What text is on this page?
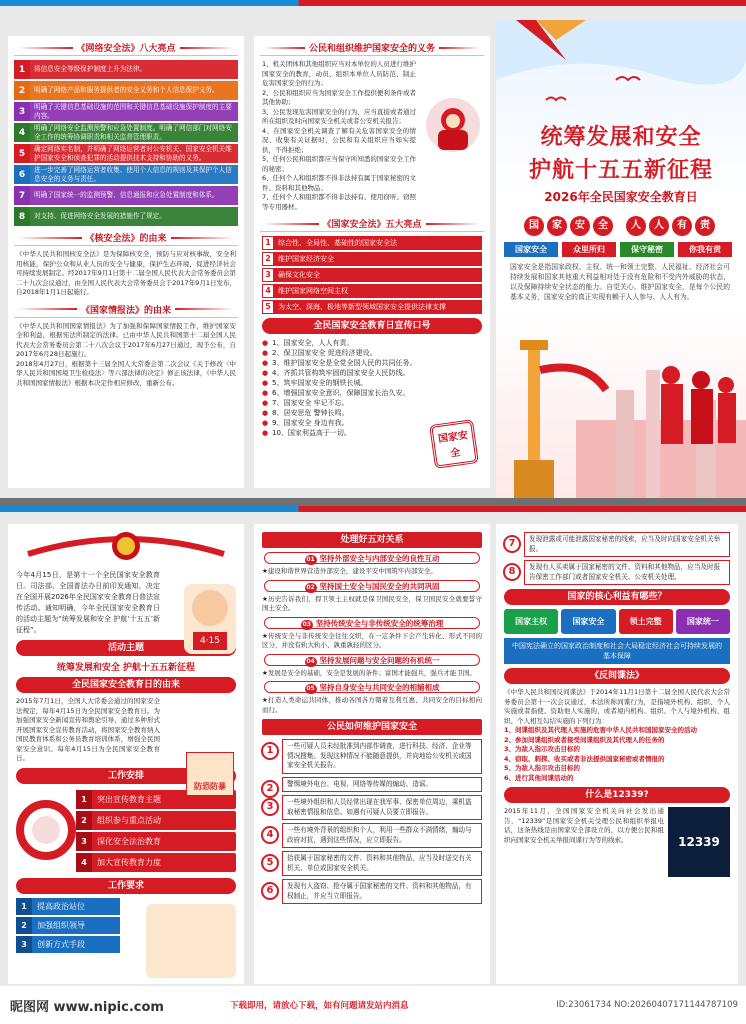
《网络安全法》八大亮点
1	将信息安全等级保护制度上升为法律。
2	明确了网络产品和服务提供者的安全义务和个人信息保护义务。
3	明确了关键信息基础设施的范围和关键信息基础设施保护制度的主要内容。
4	明确了网络安全监测预警和应急处置制度。明确了网信部门对网络安全工作的统筹协调职责和相关监督管理职责。
5	确定网络实名制，并明确了网络运营者对公安机关、国家安全机关维护国家安全和侦查犯罪的活动提供技术支持和协助的义务。
6	进一步完善了网络运营者收集、使用个人信息的规则及其保护个人信息安全的义务与责任。
7	明确了国家统一的监测预警、信息通报和应急处置制度和体系。
8	对支持、促进网络安全发展的措施作了规定。
《核安全法》的由来
《中华人民共和国核安全法》是为保障核安全，预防与应对核事故，安全利用核能，保护公众和从业人员的安全与健康，保护生态环境，促进经济社会可持续发展制定。经2017年9月1日第十二届全国人民代表大会常务委员会第二十九次会议通过，由全国人民代表大会常务委员会于2017年9月1日发布，自2018年1月1日起施行。
《国家情报法》的由来
《中华人民共和国国家情报法》为了加强和保障国家情报工作，维护国家安全和利益，根据宪法所制定的法律。已由中华人民共和国第十二届全国人民代表大会常务委员会第二十八次会议于2017年6月27日通过，现予公布，自2017年6月28日起施行。
2018年4月27日，根据第十三届全国人大常委会第二次会议《关于修改〈中华人民共和国国境卫生检疫法〉等六部法律的决定》修正该法律，《中华人民共和国国家情报法》根据本决定作相应修改，重新公布。
公民和组织维护国家安全的义务
1、机关团体和其他组织应当对本单位的人员进行维护国家安全的教育，动员、组织本单位人员防范、制止危害国家安全的行为；
2、公民和组织应当为国家安全工作提供便利条件或者其他协助；
3、公民发现危害国家安全的行为，应当直接或者通过所在组织及时向国家安全机关或者公安机关报告；
4、在国家安全机关调查了解有关危害国家安全的情况、收集有关证据时，公民和有关组织应当如实提供，不得拒绝；
5、任何公民和组织都应当保守所知悉的国家安全工作的秘密；
6、任何个人和组织都不得非法持有属于国家秘密的文件、资料和其他物品；
7、任何个人和组织都不得非法持有、使用窃听、窃照等专用器材。
《国家安全法》五大亮点
1	综合性、全局性、基础性的国家安全法
2	维护国家经济安全
3	确保文化安全
4	维护国家网络空间主权
5	为太空、深海、极地等新型领域国家安全提供法律支撑
全民国家安全教育日宣传口号
● 1、国家安全，人人有责。
● 2、保卫国家安全 促进经济建设。
● 3、维护国家安全是全党全国人民的共同任务。
● 4、齐抓共管构筑牢固的国家安全人民防线。
● 5、筑牢国家安全的钢铁长城。
● 6、增强国家安全意识，保障国家长治久安。
● 7、国家安全 牢记不忘。
● 8、居安思危 警钟长鸣。
● 9、国家安全 身边有我。
● 10、国家利益高于一切。	国家安全
统筹发展和安全
护航十五五新征程
2026年全民国家安全教育日
国	家	安	全	人	人	有	责
国家安全	众里所归	保守秘密	你我有责
国家安全是指国家政权、主权、统一和领土完整、人民福祉、经济社会可持续发展和国家其他重大利益相对处于没有危险和不受内外威胁的状态，以及保障持续安全状态的能力。自觉关心、维护国家安全，是每个公民的基本义务，国家安全的真正实现有赖于人人参与、人人有为。
今年4月15日，是第十一个全民国家安全教育日。司法部、全国普法办日前印发通知，决定在全国开展2026年全民国家安全教育日普法宣传活动。通知明确，今年全民国家安全教育日的活动主题为“统筹发展和安全 护航‘十五五’新征程”。
4·15
活动主题
统筹发展和安全 护航十五五新征程
全民国家安全教育日的由来
2015年7月1日，全国人大常委会通过的国家安全法规定，每年4月15日为全民国家安全教育日。为加强国家安全新闻宣传和舆论引导，通过多种形式开展国家安全宣传教育活动，将国家安全教育纳入国民教育体系和公务员教育培训体系，增强全民国家安全意识。每年4月15日为全民国家安全教育日。
防恐防暴
工作安排
1	突出宣传教育主题
2	组织参与重点活动
3	深化安全法治教育
4	加大宣传教育力度
工作要求
1	提高政治站位
2	加强组织领导
3	创新方式手段
处理好五对关系
01 坚持外部安全与内部安全的良性互动
★建设和谐世界营造外部安全，建设平安中国筑牢内部安全。
02 坚持国土安全与国民安全的共同巩固
★历史告诉我们，捍卫领土主权就是保卫国民安全，保卫国民安全就要誓守国土安全。
03 坚持传统安全与非传统安全的统筹治理
★传统安全与非传统安全往往交织，在一定条件下会产生转化、形式不同的区分，并没有轨大轨小、孰重孰轻的区分。
04 坚持发展问题与安全问题的有机统一
★发展是安全的基础，安全是发展的条件；富国才能强兵，强兵才能卫国。
05 坚持自身安全与共同安全的相辅相成
★打造人类命运共同体，推动各国各方朝着互利互惠、共同安全的目标相向而行。
公民如何维护国家安全
1	一些可疑人员未经批准到内部作调查，进行科技、经济、企业等情况搜集。发现这种情况不能随意提供，并向地给公安机关或国家安全机关报告。
2	警惕境外电台、电视、网络等传媒的煽动、造谣。
3	一些境外组织和人员经常出现在我军事、保密单位周边，乘机盗取秘密情报和信息。如遇有可疑人员要立即报告。
4	一些有境外背景的组织和个人，利用一些群众不满情绪，煽动与政府对抗，遇到这些情况，应立即报告。
5	拾获属于国家秘密的文件、资料和其他物品，应当及时送交有关机关、单位或国家安全机关。
6	发现有人盗窃、抢夺属于国家秘密的文件、资料和其他物品，有权制止，并应当立即报告。
7	发现泄露或可能泄露国家秘密的线索，应当及时向国家安全机关举报。
8	发现有人买卖属于国家秘密的文件、资料和其他物品，应当及时报告保密工作部门或者国家安全机关、公安机关处理。
国家的核心利益有哪些？
国家主权	国家安全	领土完整	国家统一
中国宪法确立的国家政治制度和社会大局稳定经济社会可持续发展的基本保障
《反间谍法》
《中华人民共和国反间谍法》于2014年11月1日第十二届全国人民代表大会常务委员会第十一次会议通过，本法所称间谍行为，是指境外机构、组织、个人实施或者指使、资助他人实施的，或者境内机构、组织、个人与境外机构、组织、个人相互勾结实施的下列行为：
1、间谍组织及其代理人实施的危害中华人民共和国国家安全的活动
2、参加间谍组织或者接受间谍组织及其代理人的任务的
3、为敌人指示攻击目标的
4、窃取、刺探、收买或者非法提供国家秘密或者情报的
5、为敌人指示攻击目标的
6、进行其他间谍活动的
什么是12339?
2015年11月，全国国家安全机关向社会发出通告，“12339”是国家安全机关受理公民和组织举报电话，这条热线是由国家安全部设立的，以方便公民和组织向国家安全机关举报间谍行为等的线索。	12339
昵图网 www.nipic.com	下载即用，请放心下载，如有问题请发站内消息	ID:23061734 NO:20260407171144787109
